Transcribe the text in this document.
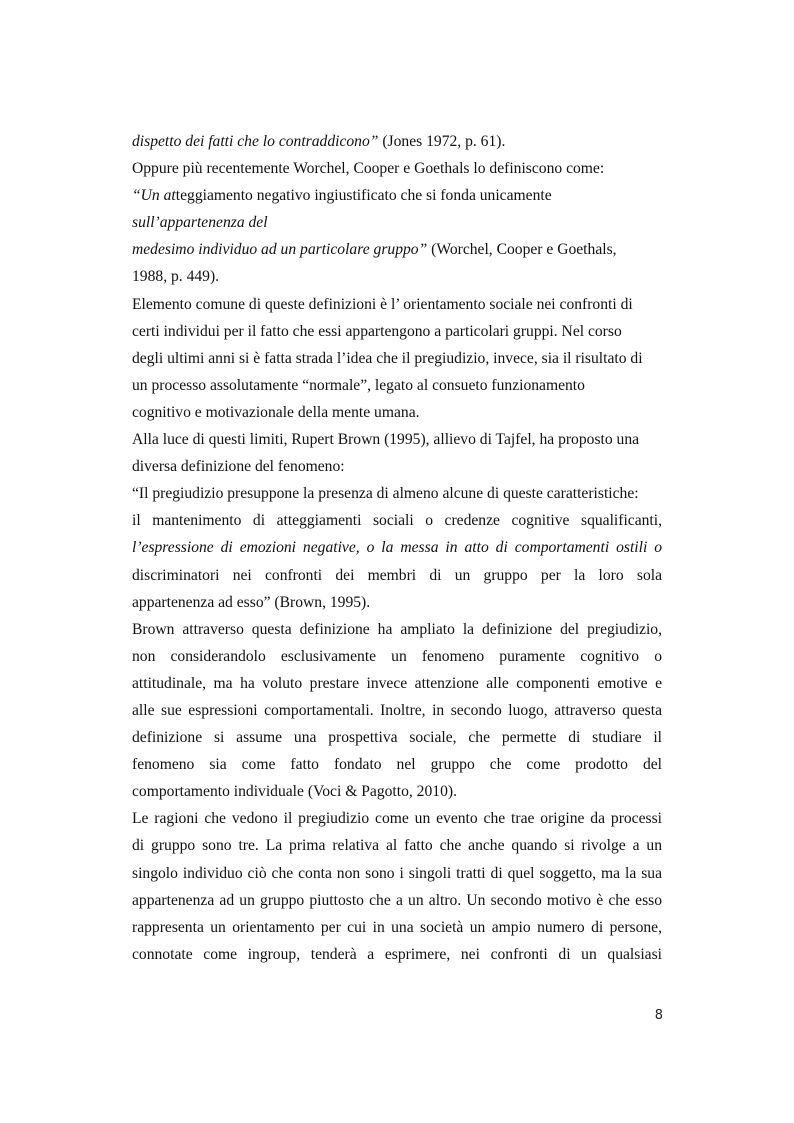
dispetto dei fatti che lo contraddicono” (Jones 1972, p. 61).
Oppure più recentemente Worchel, Cooper e Goethals lo definiscono come:
“Un atteggiamento negativo ingiustificato che si fonda unicamente
sull’appartenenza del
medesimo individuo ad un particolare gruppo” (Worchel, Cooper e Goethals,
1988, p. 449).
Elemento comune di queste definizioni è l’ orientamento sociale nei confronti di
certi individui per il fatto che essi appartengono a particolari gruppi. Nel corso
degli ultimi anni si è fatta strada l’idea che il pregiudizio, invece, sia il risultato di
un processo assolutamente “normale”, legato al consueto funzionamento
cognitivo e motivazionale della mente umana.
Alla luce di questi limiti, Rupert Brown (1995), allievo di Tajfel, ha proposto una
diversa definizione del fenomeno:
“Il pregiudizio presuppone la presenza di almeno alcune di queste caratteristiche:
il mantenimento di atteggiamenti sociali o credenze cognitive squalificanti,
l’espressione di emozioni negative, o la messa in atto di comportamenti ostili o
discriminatori nei confronti dei membri di un gruppo per la loro sola
appartenenza ad esso” (Brown, 1995).
Brown attraverso questa definizione ha ampliato la definizione del pregiudizio,
non considerandolo esclusivamente un fenomeno puramente cognitivo o
attitudinale, ma ha voluto prestare invece attenzione alle componenti emotive e
alle sue espressioni comportamentali. Inoltre, in secondo luogo, attraverso questa
definizione si assume una prospettiva sociale, che permette di studiare il
fenomeno sia come fatto fondato nel gruppo che come prodotto del
comportamento individuale (Voci & Pagotto, 2010).
Le ragioni che vedono il pregiudizio come un evento che trae origine da processi
di gruppo sono tre. La prima relativa al fatto che anche quando si rivolge a un
singolo individuo ciò che conta non sono i singoli tratti di quel soggetto, ma la sua
appartenenza ad un gruppo piuttosto che a un altro. Un secondo motivo è che esso
rappresenta un orientamento per cui in una società un ampio numero di persone,
connotate come ingroup, tenderà a esprimere, nei confronti di un qualsiasi
8
